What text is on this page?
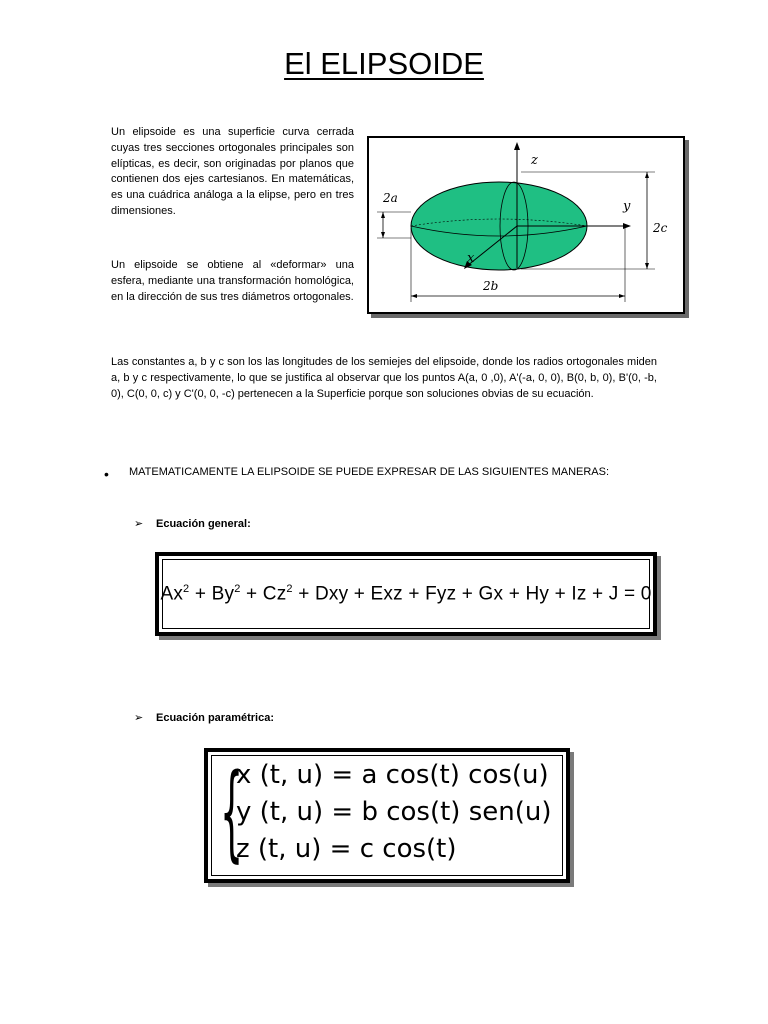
El ELIPSOIDE

Un elipsoide es una superficie curva cerrada cuyas tres secciones ortogonales principales son elípticas, es decir, son originadas por planos que contienen dos ejes cartesianos. En matemáticas, es una cuádrica análoga a la elipse, pero en tres dimensiones.

Un elipsoide se obtiene al «deformar» una esfera, mediante una transformación homológica, en la dirección de sus tres diámetros ortogonales.

z
y
x
2a
2c
2b

Las constantes a, b y c son los las longitudes de los semiejes del elipsoide, donde los radios ortogonales miden a, b y c respectivamente, lo que se justifica al observar que los puntos A(a, 0 ,0), A'(-a, 0, 0), B(0, b, 0), B'(0, -b, 0), C(0, 0, c) y C'(0, 0, -c) pertenecen a la Superficie porque son soluciones obvias de su ecuación.

• MATEMATICAMENTE LA ELIPSOIDE SE PUEDE EXPRESAR DE LAS SIGUIENTES MANERAS:
➢ Ecuación general:
$Ax^2 + By^2 + Cz^2$ + Dxy + Exz + Fyz + Gx + Hy + Iz + J = 0
➢ Ecuación paramétrica:
{
x (t, u) = a cos(t) cos(u)
y (t, u) = b cos(t) sen(u)
z (t, u) = c cos(t)
